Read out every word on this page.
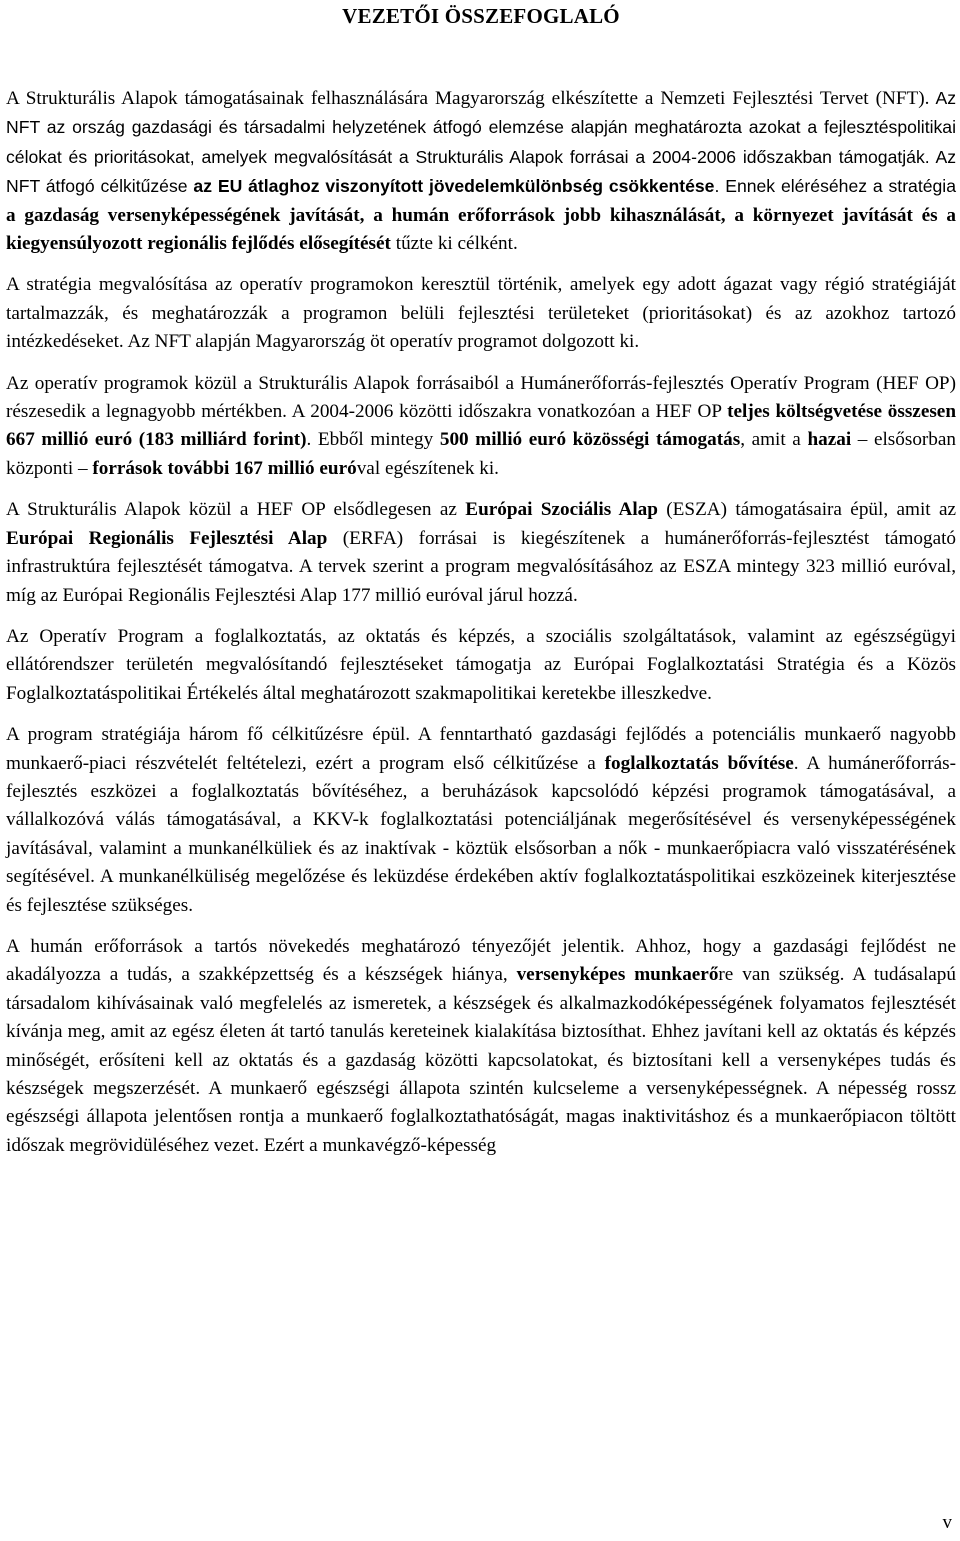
VEZETŐI ÖSSZEFOGLALÓ

A Strukturális Alapok támogatásainak felhasználására Magyarország elkészítette a Nemzeti Fejlesztési Tervet (NFT). Az NFT az ország gazdasági és társadalmi helyzetének átfogó elemzése alapján meghatározta azokat a fejlesztéspolitikai célokat és prioritásokat, amelyek megvalósítását a Strukturális Alapok forrásai a 2004-2006 időszakban támogatják. Az NFT átfogó célkitűzése az EU átlaghoz viszonyított jövedelemkülönbség csökkentése. Ennek eléréséhez a stratégia a gazdaság versenyképességének javítását, a humán erőforrások jobb kihasználását, a környezet javítását és a kiegyensúlyozott regionális fejlődés elősegítését tűzte ki célként.

A stratégia megvalósítása az operatív programokon keresztül történik, amelyek egy adott ágazat vagy régió stratégiáját tartalmazzák, és meghatározzák a programon belüli fejlesztési területeket (prioritásokat) és az azokhoz tartozó intézkedéseket. Az NFT alapján Magyarország öt operatív programot dolgozott ki.

Az operatív programok közül a Strukturális Alapok forrásaiból a Humánerőforrás-fejlesztés Operatív Program (HEF OP) részesedik a legnagyobb mértékben. A 2004-2006 közötti időszakra vonatkozóan a HEF OP teljes költségvetése összesen 667 millió euró (183 milliárd forint). Ebből mintegy 500 millió euró közösségi támogatás, amit a hazai – elsősorban központi – források további 167 millió euróval egészítenek ki.

A Strukturális Alapok közül a HEF OP elsődlegesen az Európai Szociális Alap (ESZA) támogatásaira épül, amit az Európai Regionális Fejlesztési Alap (ERFA) forrásai is kiegészítenek a humánerőforrás-fejlesztést támogató infrastruktúra fejlesztését támogatva. A tervek szerint a program megvalósításához az ESZA mintegy 323 millió euróval, míg az Európai Regionális Fejlesztési Alap 177 millió euróval járul hozzá.

Az Operatív Program a foglalkoztatás, az oktatás és képzés, a szociális szolgáltatások, valamint az egészségügyi ellátórendszer területén megvalósítandó fejlesztéseket támogatja az Európai Foglalkoztatási Stratégia és a Közös Foglalkoztatáspolitikai Értékelés által meghatározott szakmapolitikai keretekbe illeszkedve.

A program stratégiája három fő célkitűzésre épül. A fenntartható gazdasági fejlődés a potenciális munkaerő nagyobb munkaerő-piaci részvételét feltételezi, ezért a program első célkitűzése a foglalkoztatás bővítése. A humánerőforrás-fejlesztés eszközei a foglalkoztatás bővítéséhez, a beruházások kapcsolódó képzési programok támogatásával, a vállalkozóvá válás támogatásával, a KKV-k foglalkoztatási potenciáljának megerősítésével és versenyképességének javításával, valamint a munkanélküliek és az inaktívak - köztük elsősorban a nők - munkaerőpiacra való visszatérésének segítésével. A munkanélküliség megelőzése és leküzdése érdekében aktív foglalkoztatáspolitikai eszközeinek kiterjesztése és fejlesztése szükséges.

A humán erőforrások a tartós növekedés meghatározó tényezőjét jelentik. Ahhoz, hogy a gazdasági fejlődést ne akadályozza a tudás, a szakképzettség és a készségek hiánya, versenyképes munkaerőre van szükség. A tudásalapú társadalom kihívásainak való megfelelés az ismeretek, a készségek és alkalmazkodóképességének folyamatos fejlesztését kívánja meg, amit az egész életen át tartó tanulás kereteinek kialakítása biztosíthat. Ehhez javítani kell az oktatás és képzés minőségét, erősíteni kell az oktatás és a gazdaság közötti kapcsolatokat, és biztosítani kell a versenyképes tudás és készségek megszerzését. A munkaerő egészségi állapota szintén kulcseleme a versenyképességnek. A népesség rossz egészségi állapota jelentősen rontja a munkaerő foglalkoztathatóságát, magas inaktivitáshoz és a munkaerőpiacon töltött időszak megrövidüléséhez vezet. Ezért a munkavégző-képesség

v
